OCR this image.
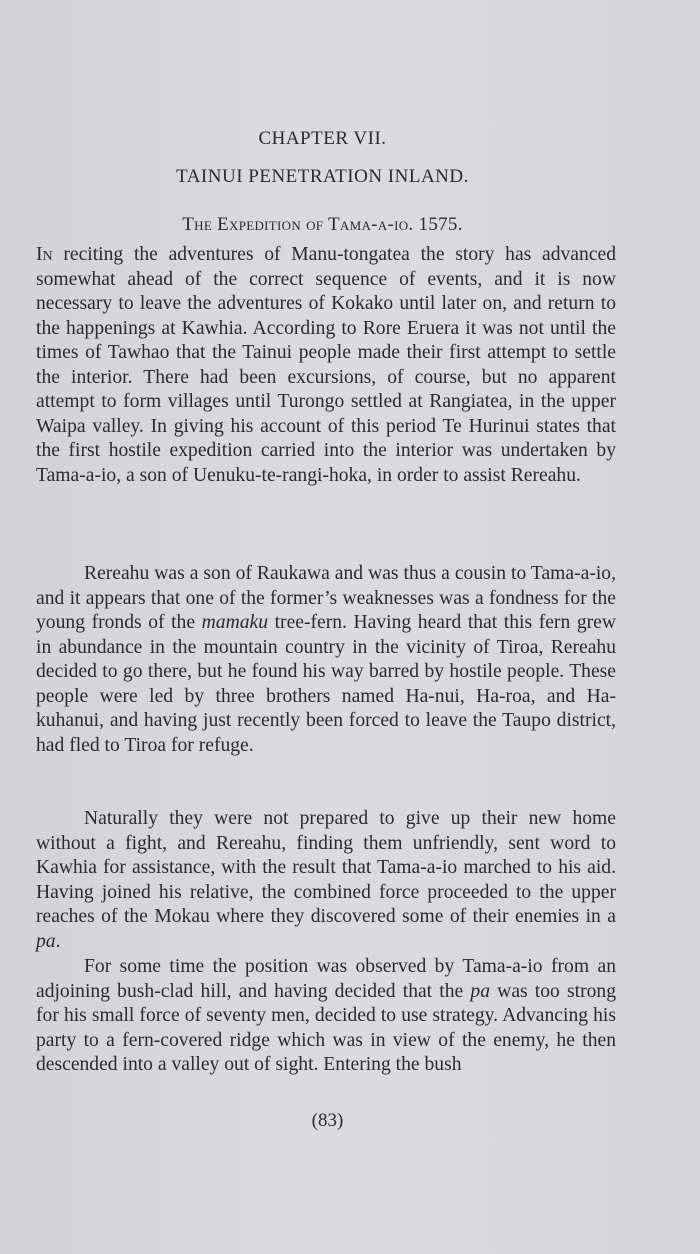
CHAPTER VII.
TAINUI PENETRATION INLAND.
The Expedition of Tama-a-io. 1575.

In reciting the adventures of Manu-tongatea the story has advanced somewhat ahead of the correct sequence of events, and it is now necessary to leave the adventures of Kokako until later on, and return to the happenings at Kawhia. According to Rore Eruera it was not until the times of Tawhao that the Tainui people made their first attempt to settle the interior. There had been excursions, of course, but no apparent attempt to form villages until Turongo settled at Rangiatea, in the upper Waipa valley. In giving his account of this period Te Hurinui states that the first hostile expedition carried into the interior was undertaken by Tama-a-io, a son of Uenuku-te-rangi-hoka, in order to assist Rereahu.

Rereahu was a son of Raukawa and was thus a cousin to Tama-a-io, and it appears that one of the former’s weaknesses was a fondness for the young fronds of the mamaku tree-fern. Having heard that this fern grew in abundance in the mountain country in the vicinity of Tiroa, Rereahu decided to go there, but he found his way barred by hostile people. These people were led by three brothers named Ha-nui, Ha-roa, and Ha-kuhanui, and having just recently been forced to leave the Taupo district, had fled to Tiroa for refuge.

Naturally they were not prepared to give up their new home without a fight, and Rereahu, finding them unfriendly, sent word to Kawhia for assistance, with the result that Tama-a-io marched to his aid. Having joined his relative, the combined force proceeded to the upper reaches of the Mokau where they discovered some of their enemies in a pa.

For some time the position was observed by Tama-a-io from an adjoining bush-clad hill, and having decided that the pa was too strong for his small force of seventy men, decided to use strategy. Advancing his party to a fern-covered ridge which was in view of the enemy, he then descended into a valley out of sight. Entering the bush

(83)
